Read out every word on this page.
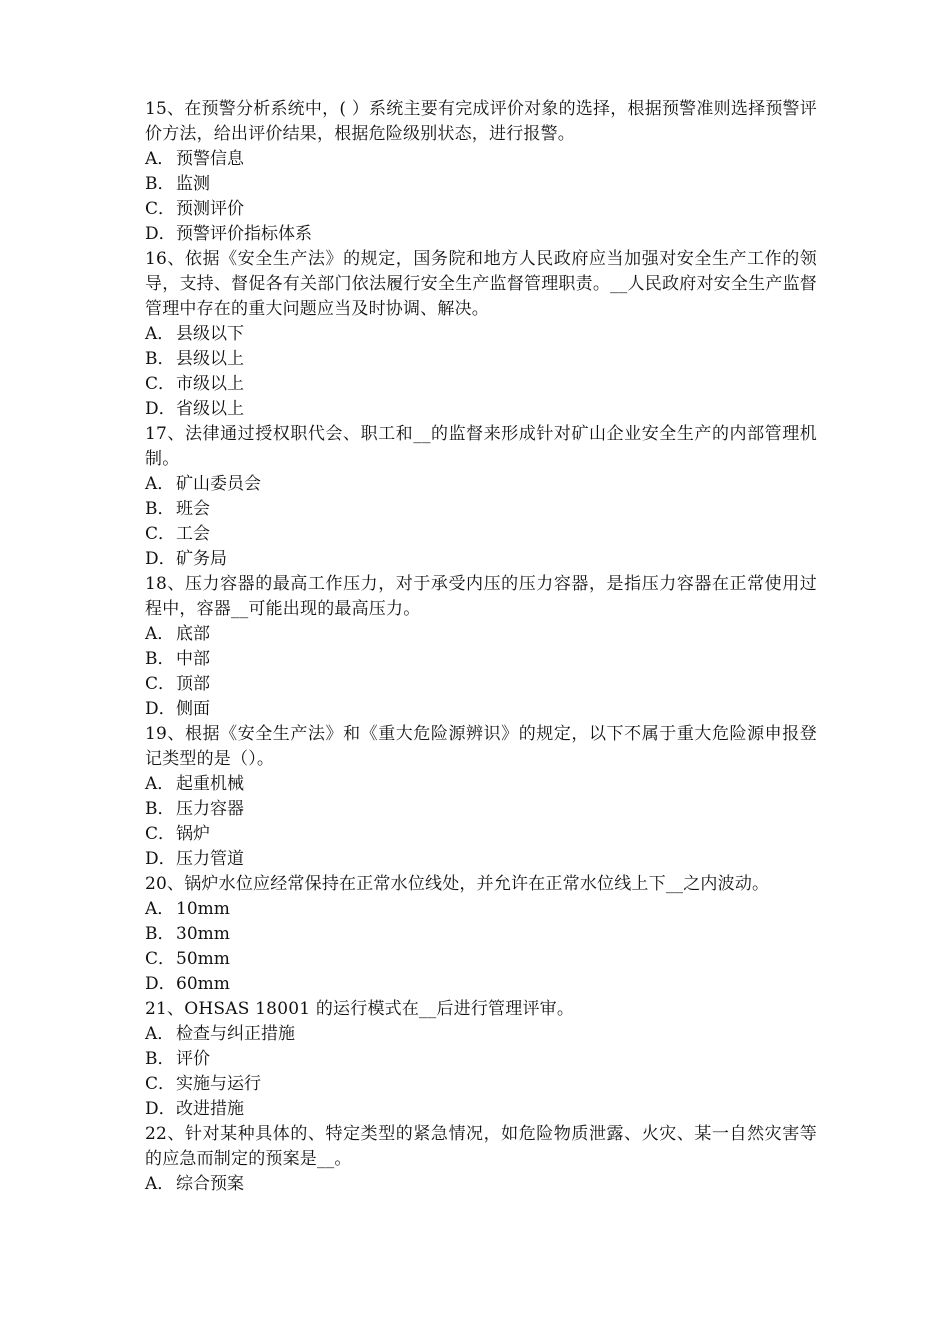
15、在预警分析系统中，( ）系统主要有完成评价对象的选择，根据预警准则选择预警评价方法，给出评价结果，根据危险级别状态，进行报警。

A． 预警信息
B． 监测
C． 预测评价
D． 预警评价指标体系

16、依据《安全生产法》的规定，国务院和地方人民政府应当加强对安全生产工作的领导，支持、督促各有关部门依法履行安全生产监督管理职责。__人民政府对安全生产监督管理中存在的重大问题应当及时协调、解决。

A． 县级以下
B． 县级以上
C． 市级以上
D． 省级以上

17、法律通过授权职代会、职工和__的监督来形成针对矿山企业安全生产的内部管理机制。

A． 矿山委员会
B． 班会
C． 工会
D． 矿务局

18、压力容器的最高工作压力，对于承受内压的压力容器，是指压力容器在正常使用过程中，容器__可能出现的最高压力。

A． 底部
B． 中部
C． 顶部
D． 侧面

19、根据《安全生产法》和《重大危险源辨识》的规定，以下不属于重大危险源申报登记类型的是（）。

A． 起重机械
B． 压力容器
C． 锅炉
D． 压力管道

20、锅炉水位应经常保持在正常水位线处，并允许在正常水位线上下__之内波动。

A． 10mm
B． 30mm
C． 50mm
D． 60mm

21、OHSAS 18001 的运行模式在__后进行管理评审。

A． 检查与纠正措施
B． 评价
C． 实施与运行
D． 改进措施

22、针对某种具体的、特定类型的紧急情况，如危险物质泄露、火灾、某一自然灾害等的应急而制定的预案是__。

A． 综合预案
